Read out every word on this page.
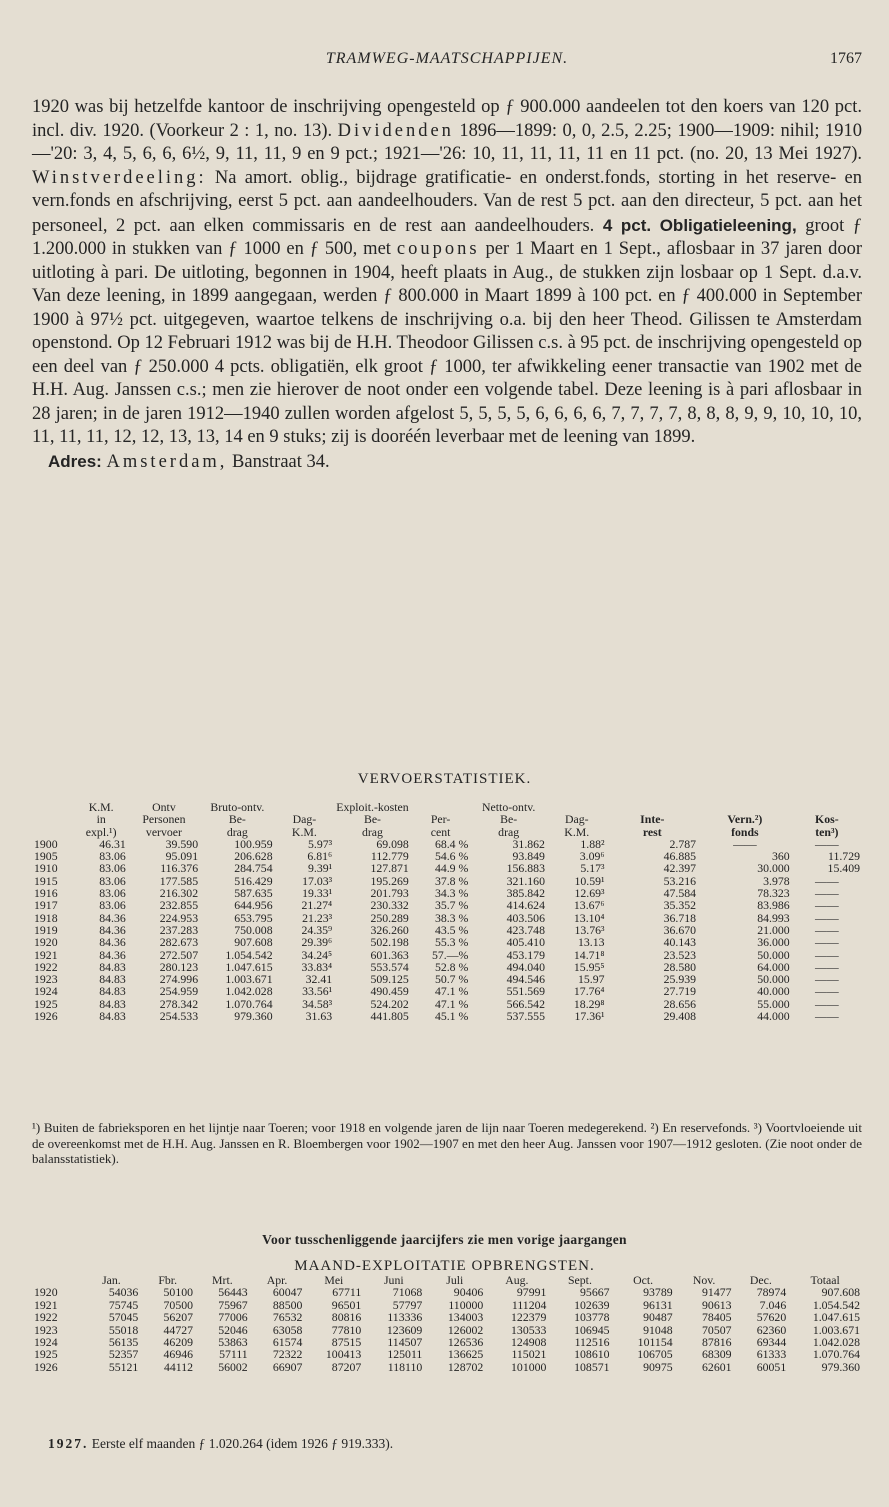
TRAMWEG-MAATSCHAPPIJEN.	1767

1920 was bij hetzelfde kantoor de inschrijving opengesteld op ƒ 900.000 aandeelen tot den koers van 120 pct. incl. div. 1920. (Voorkeur 2 : 1, no. 13). Dividenden 1896—1899: 0, 0, 2.5, 2.25; 1900—1909: nihil; 1910—'20: 3, 4, 5, 6, 6, 6½, 9, 11, 11, 9 en 9 pct.; 1921—'26: 10, 11, 11, 11, 11 en 11 pct. (no. 20, 13 Mei 1927). Winstverdeeling: Na amort. oblig., bijdrage gratificatie- en onderst.fonds, storting in het reserve- en vern.fonds en afschrijving, eerst 5 pct. aan aandeelhouders. Van de rest 5 pct. aan den directeur, 5 pct. aan het personeel, 2 pct. aan elken commissaris en de rest aan aandeelhouders. 4 pct. Obligatieleening, groot ƒ 1.200.000 in stukken van ƒ 1000 en ƒ 500, met coupons per 1 Maart en 1 Sept., aflosbaar in 37 jaren door uitloting à pari. De uitloting, begonnen in 1904, heeft plaats in Aug., de stukken zijn losbaar op 1 Sept. d.a.v. Van deze leening, in 1899 aangegaan, werden ƒ 800.000 in Maart 1899 à 100 pct. en ƒ 400.000 in September 1900 à 97½ pct. uitgegeven, waartoe telkens de inschrijving o.a. bij den heer Theod. Gilissen te Amsterdam openstond. Op 12 Februari 1912 was bij de H.H. Theodoor Gilissen c.s. à 95 pct. de inschrijving opengesteld op een deel van ƒ 250.000 4 pcts. obligatiën, elk groot ƒ 1000, ter afwikkeling eener transactie van 1902 met de H.H. Aug. Janssen c.s.; men zie hierover de noot onder een volgende tabel. Deze leening is à pari aflosbaar in 28 jaren; in de jaren 1912—1940 zullen worden afgelost 5, 5, 5, 5, 6, 6, 6, 6, 7, 7, 7, 7, 8, 8, 8, 9, 9, 10, 10, 10, 11, 11, 11, 12, 12, 13, 13, 14 en 9 stuks; zij is dooréén leverbaar met de leening van 1899.

Adres: Amsterdam, Banstraat 34.

VERVOERSTATISTIEK.
	K.M.	Ontv	Bruto-ontv.		Exploit.-kosten		Netto-ontv.				
	in	Personen	Be-	Dag-	Be-	Per-	Be-	Dag-	Inte-	Vern.²)	Kos-
	expl.¹)	vervoer	drag	K.M.	drag	cent	drag	K.M.	rest	fonds	ten³)
1900	46.31	39.590	100.959	5.97³	69.098	68.4 %	31.862	1.88²	2.787	——	——
1905	83.06	95.091	206.628	6.81⁶	112.779	54.6 %	93.849	3.09⁶	46.885	360	11.729
1910	83.06	116.376	284.754	9.39¹	127.871	44.9 %	156.883	5.17³	42.397	30.000	15.409
1915	83.06	177.585	516.429	17.03³	195.269	37.8 %	321.160	10.59¹	53.216	3.978	——
1916	83.06	216.302	587.635	19.33¹	201.793	34.3 %	385.842	12.69³	47.584	78.323	——
1917	83.06	232.855	644.956	21.27⁴	230.332	35.7 %	414.624	13.67⁶	35.352	83.986	——
1918	84.36	224.953	653.795	21.23³	250.289	38.3 %	403.506	13.10⁴	36.718	84.993	——
1919	84.36	237.283	750.008	24.35⁹	326.260	43.5 %	423.748	13.76³	36.670	21.000	——
1920	84.36	282.673	907.608	29.39⁶	502.198	55.3 %	405.410	13.13	40.143	36.000	——
1921	84.36	272.507	1.054.542	34.24⁵	601.363	57.—%	453.179	14.71⁸	23.523	50.000	——
1922	84.83	280.123	1.047.615	33.83⁴	553.574	52.8 %	494.040	15.95⁵	28.580	64.000	——
1923	84.83	274.996	1.003.671	32.41	509.125	50.7 %	494.546	15.97	25.939	50.000	——
1924	84.83	254.959	1.042.028	33.56¹	490.459	47.1 %	551.569	17.76⁴	27.719	40.000	——
1925	84.83	278.342	1.070.764	34.58³	524.202	47.1 %	566.542	18.29⁸	28.656	55.000	——
1926	84.83	254.533	979.360	31.63	441.805	45.1 %	537.555	17.36¹	29.408	44.000	——

¹) Buiten de fabrieksporen en het lijntje naar Toeren; voor 1918 en volgende jaren de lijn naar Toeren medegerekend. ²) En reservefonds. ³) Voortvloeiende uit de overeenkomst met de H.H. Aug. Janssen en R. Bloembergen voor 1902—1907 en met den heer Aug. Janssen voor 1907—1912 gesloten. (Zie noot onder de balansstatistiek).

Voor tusschenliggende jaarcijfers zie men vorige jaargangen
MAAND-EXPLOITATIE OPBRENGSTEN.
	Jan.	Fbr.	Mrt.	Apr.	Mei	Juni	Juli	Aug.	Sept.	Oct.	Nov.	Dec.	Totaal
1920	54036	50100	56443	60047	67711	71068	90406	97991	95667	93789	91477	78974	907.608
1921	75745	70500	75967	88500	96501	57797	110000	111204	102639	96131	90613	7.046	1.054.542
1922	57045	56207	77006	76532	80816	113336	134003	122379	103778	90487	78405	57620	1.047.615
1923	55018	44727	52046	63058	77810	123609	126002	130533	106945	91048	70507	62360	1.003.671
1924	56135	46209	53863	61574	87515	114507	126536	124908	112516	101154	87816	69344	1.042.028
1925	52357	46946	57111	72322	100413	125011	136625	115021	108610	106705	68309	61333	1.070.764
1926	55121	44112	56002	66907	87207	118110	128702	101000	108571	90975	62601	60051	979.360
1927. Eerste elf maanden ƒ 1.020.264 (idem 1926 ƒ 919.333).
